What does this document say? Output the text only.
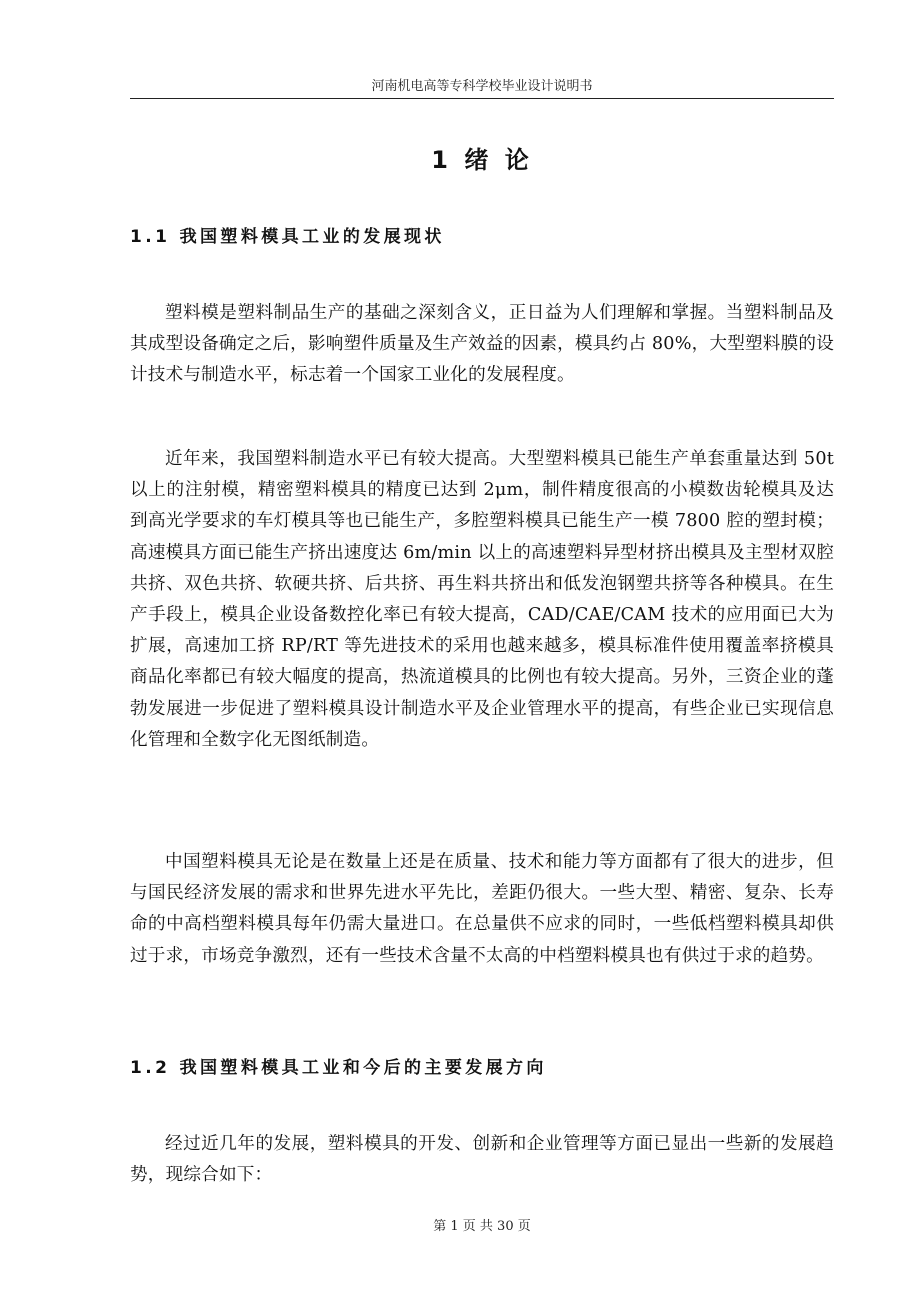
河南机电高等专科学校毕业设计说明书
1 绪 论
1.1 我国塑料模具工业的发展现状

塑料模是塑料制品生产的基础之深刻含义，正日益为人们理解和掌握。当塑料制品及其成型设备确定之后，影响塑件质量及生产效益的因素，模具约占 80%，大型塑料膜的设计技术与制造水平，标志着一个国家工业化的发展程度。

近年来，我国塑料制造水平已有较大提高。大型塑料模具已能生产单套重量达到 50t 以上的注射模，精密塑料模具的精度已达到 2μm，制件精度很高的小模数齿轮模具及达到高光学要求的车灯模具等也已能生产，多腔塑料模具已能生产一模 7800 腔的塑封模；高速模具方面已能生产挤出速度达 6m/min 以上的高速塑料异型材挤出模具及主型材双腔共挤、双色共挤、软硬共挤、后共挤、再生料共挤出和低发泡钢塑共挤等各种模具。在生产手段上，模具企业设备数控化率已有较大提高，CAD/CAE/CAM 技术的应用面已大为扩展，高速加工挤 RP/RT 等先进技术的采用也越来越多，模具标准件使用覆盖率挤模具商品化率都已有较大幅度的提高，热流道模具的比例也有较大提高。另外，三资企业的蓬勃发展进一步促进了塑料模具设计制造水平及企业管理水平的提高，有些企业已实现信息化管理和全数字化无图纸制造。

中国塑料模具无论是在数量上还是在质量、技术和能力等方面都有了很大的进步，但与国民经济发展的需求和世界先进水平先比，差距仍很大。一些大型、精密、复杂、长寿命的中高档塑料模具每年仍需大量进口。在总量供不应求的同时，一些低档塑料模具却供过于求，市场竞争激烈，还有一些技术含量不太高的中档塑料模具也有供过于求的趋势。

1.2 我国塑料模具工业和今后的主要发展方向

经过近几年的发展，塑料模具的开发、创新和企业管理等方面已显出一些新的发展趋势，现综合如下：

第 1 页 共 30 页
